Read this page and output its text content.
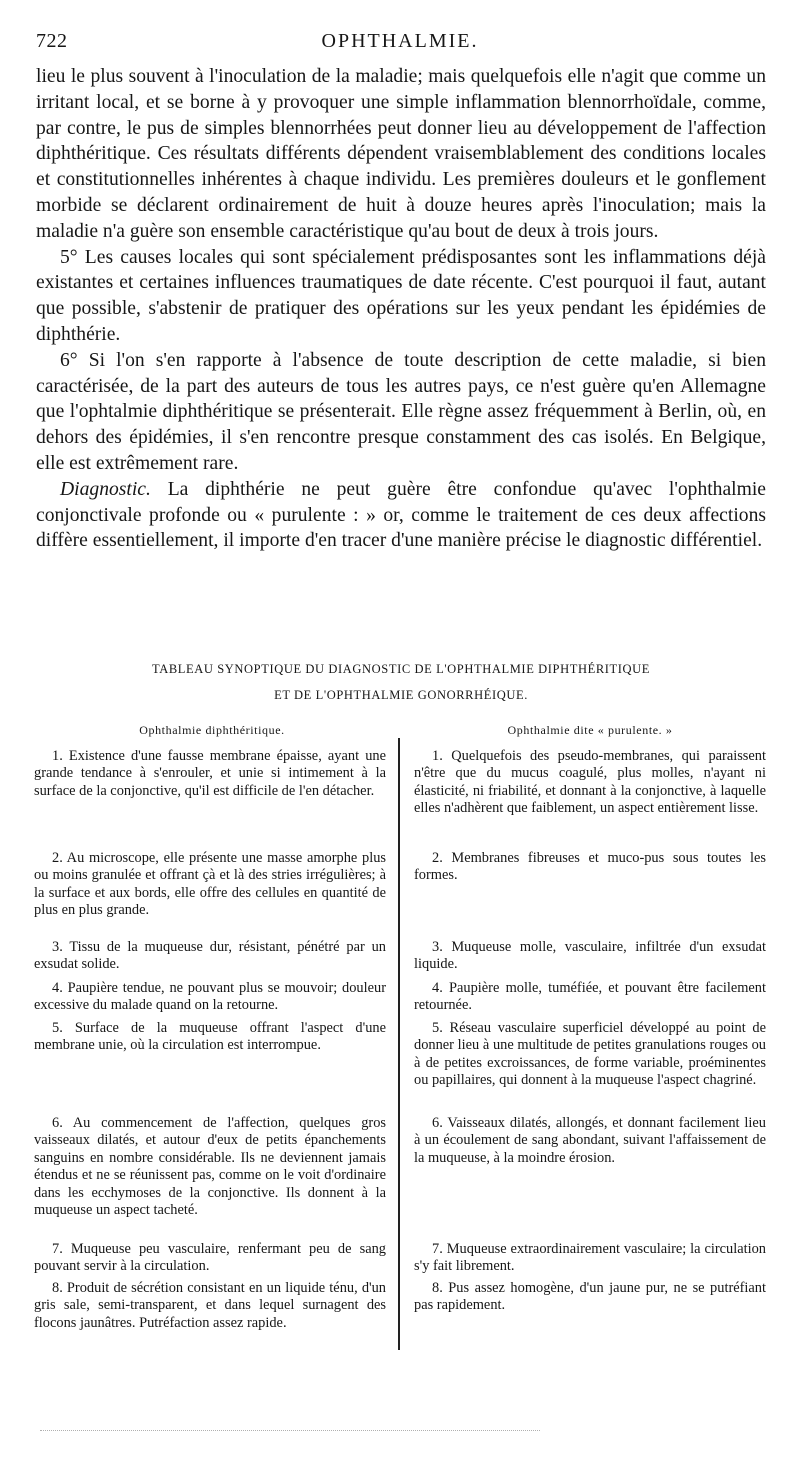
722	OPHTHALMIE.

lieu le plus souvent à l'inoculation de la maladie; mais quelquefois elle n'agit que comme un irritant local, et se borne à y provoquer une simple inflammation blennorrhoïdale, comme, par contre, le pus de simples blennorrhées peut donner lieu au développement de l'affection diphthéritique. Ces résultats différents dépendent vraisemblablement des conditions locales et constitutionnelles inhérentes à chaque individu. Les premières douleurs et le gonflement morbide se déclarent ordinairement de huit à douze heures après l'inoculation; mais la maladie n'a guère son ensemble caractéristique qu'au bout de deux à trois jours.

5° Les causes locales qui sont spécialement prédisposantes sont les inflammations déjà existantes et certaines influences traumatiques de date récente. C'est pourquoi il faut, autant que possible, s'abstenir de pratiquer des opérations sur les yeux pendant les épidémies de diphthérie.

6° Si l'on s'en rapporte à l'absence de toute description de cette maladie, si bien caractérisée, de la part des auteurs de tous les autres pays, ce n'est guère qu'en Allemagne que l'ophtalmie diphthéritique se présenterait. Elle règne assez fréquemment à Berlin, où, en dehors des épidémies, il s'en rencontre presque constamment des cas isolés. En Belgique, elle est extrêmement rare.

Diagnostic. La diphthérie ne peut guère être confondue qu'avec l'ophthalmie conjonctivale profonde ou « purulente : » or, comme le traitement de ces deux affections diffère essentiellement, il importe d'en tracer d'une manière précise le diagnostic différentiel.

TABLEAU SYNOPTIQUE DU DIAGNOSTIC DE L'OPHTHALMIE DIPHTHÉRITIQUE
ET DE L'OPHTHALMIE GONORRHÉIQUE.
Ophthalmie diphthéritique.	Ophthalmie dite « purulente. »

1. Existence d'une fausse membrane épaisse, ayant une grande tendance à s'enrouler, et unie si intimement à la surface de la conjonctive, qu'il est difficile de l'en détacher.

2. Au microscope, elle présente une masse amorphe plus ou moins granulée et offrant çà et là des stries irrégulières; à la surface et aux bords, elle offre des cellules en quantité de plus en plus grande.

3. Tissu de la muqueuse dur, résistant, pénétré par un exsudat solide.

4. Paupière tendue, ne pouvant plus se mouvoir; douleur excessive du malade quand on la retourne.

5. Surface de la muqueuse offrant l'aspect d'une membrane unie, où la circulation est interrompue.

6. Au commencement de l'affection, quelques gros vaisseaux dilatés, et autour d'eux de petits épanchements sanguins en nombre considérable. Ils ne deviennent jamais étendus et ne se réunissent pas, comme on le voit d'ordinaire dans les ecchymoses de la conjonctive. Ils donnent à la muqueuse un aspect tacheté.

7. Muqueuse peu vasculaire, renfermant peu de sang pouvant servir à la circulation.

8. Produit de sécrétion consistant en un liquide ténu, d'un gris sale, semi-transparent, et dans lequel surnagent des flocons jaunâtres. Putréfaction assez rapide.

1. Quelquefois des pseudo-membranes, qui paraissent n'être que du mucus coagulé, plus molles, n'ayant ni élasticité, ni friabilité, et donnant à la conjonctive, à laquelle elles n'adhèrent que faiblement, un aspect entièrement lisse.

2. Membranes fibreuses et muco-pus sous toutes les formes.

3. Muqueuse molle, vasculaire, infiltrée d'un exsudat liquide.

4. Paupière molle, tuméfiée, et pouvant être facilement retournée.

5. Réseau vasculaire superficiel développé au point de donner lieu à une multitude de petites granulations rouges ou à de petites excroissances, de forme variable, proéminentes ou papillaires, qui donnent à la muqueuse l'aspect chagriné.

6. Vaisseaux dilatés, allongés, et donnant facilement lieu à un écoulement de sang abondant, suivant l'affaissement de la muqueuse, à la moindre érosion.

7. Muqueuse extraordinairement vasculaire; la circulation s'y fait librement.

8. Pus assez homogène, d'un jaune pur, ne se putréfiant pas rapidement.
